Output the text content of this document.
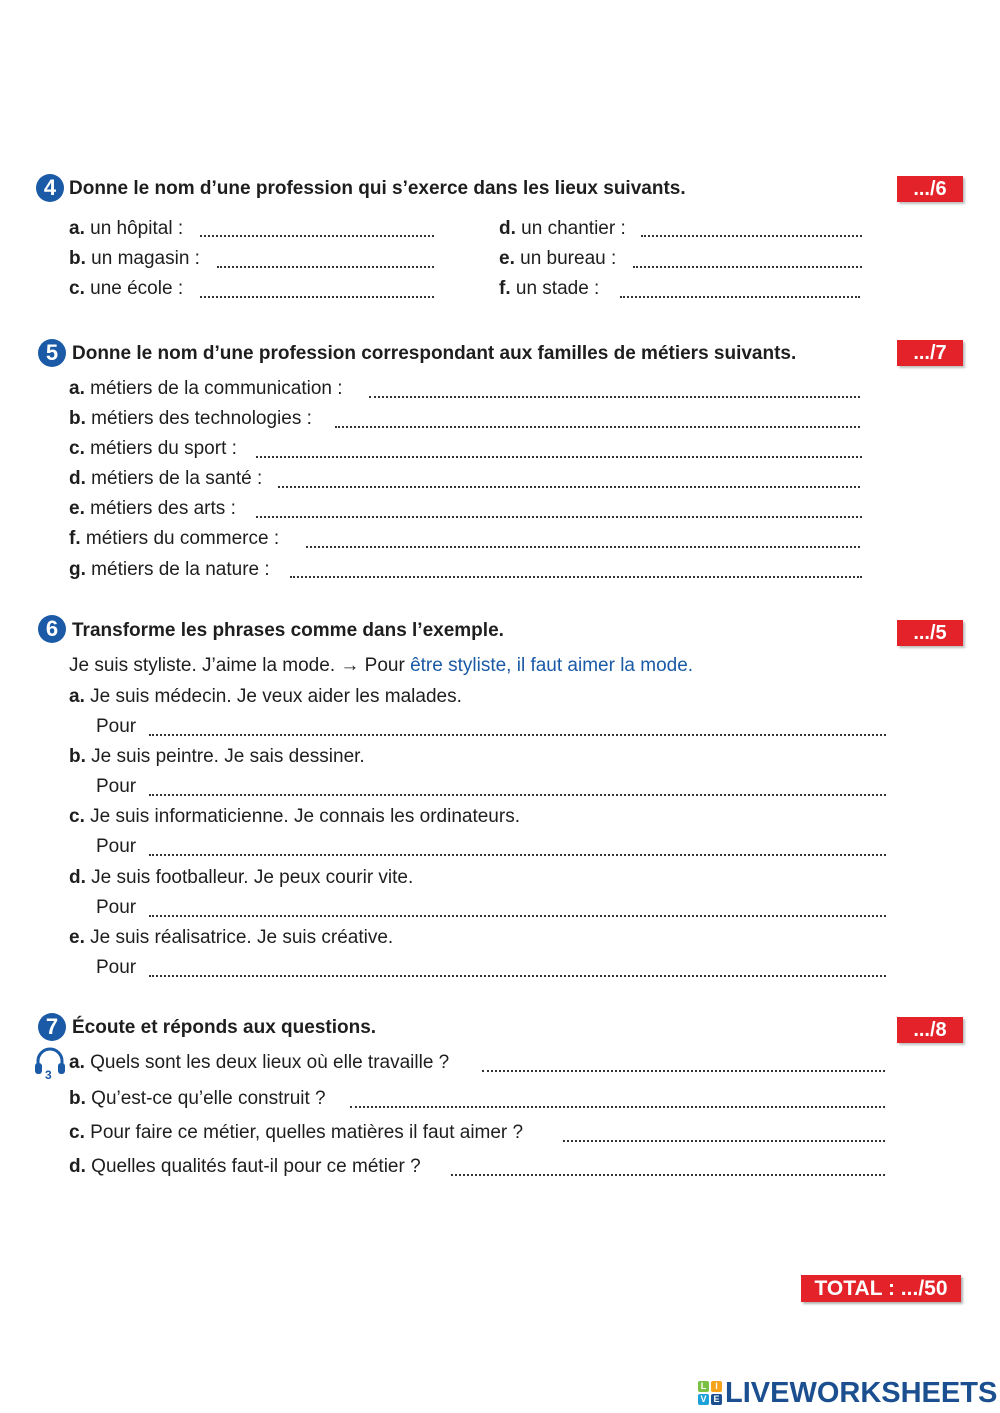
4 Donne le nom d’une profession qui s’exerce dans les lieux suivants.	.../6
a. un hôpital :
b. un magasin :
c. une école :
d. un chantier :
e. un bureau :
f. un stade :
5 Donne le nom d’une profession correspondant aux familles de métiers suivants.	.../7
a. métiers de la communication :
b. métiers des technologies :
c. métiers du sport :
d. métiers de la santé :
e. métiers des arts :
f. métiers du commerce :
g. métiers de la nature :
6 Transforme les phrases comme dans l’exemple.	.../5
Je suis styliste. J’aime la mode. → Pour être styliste, il faut aimer la mode.
a. Je suis médecin. Je veux aider les malades.
Pour
b. Je suis peintre. Je sais dessiner.
Pour
c. Je suis informaticienne. Je connais les ordinateurs.
Pour
d. Je suis footballeur. Je peux courir vite.
Pour
e. Je suis réalisatrice. Je suis créative.
Pour
7 Écoute et réponds aux questions.	.../8
3
a. Quels sont les deux lieux où elle travaille ?
b. Qu’est-ce qu’elle construit ?
c. Pour faire ce métier, quelles matières il faut aimer ?
d. Quelles qualités faut-il pour ce métier ?
TOTAL : .../50
L I
V E LIVEWORKSHEETS
